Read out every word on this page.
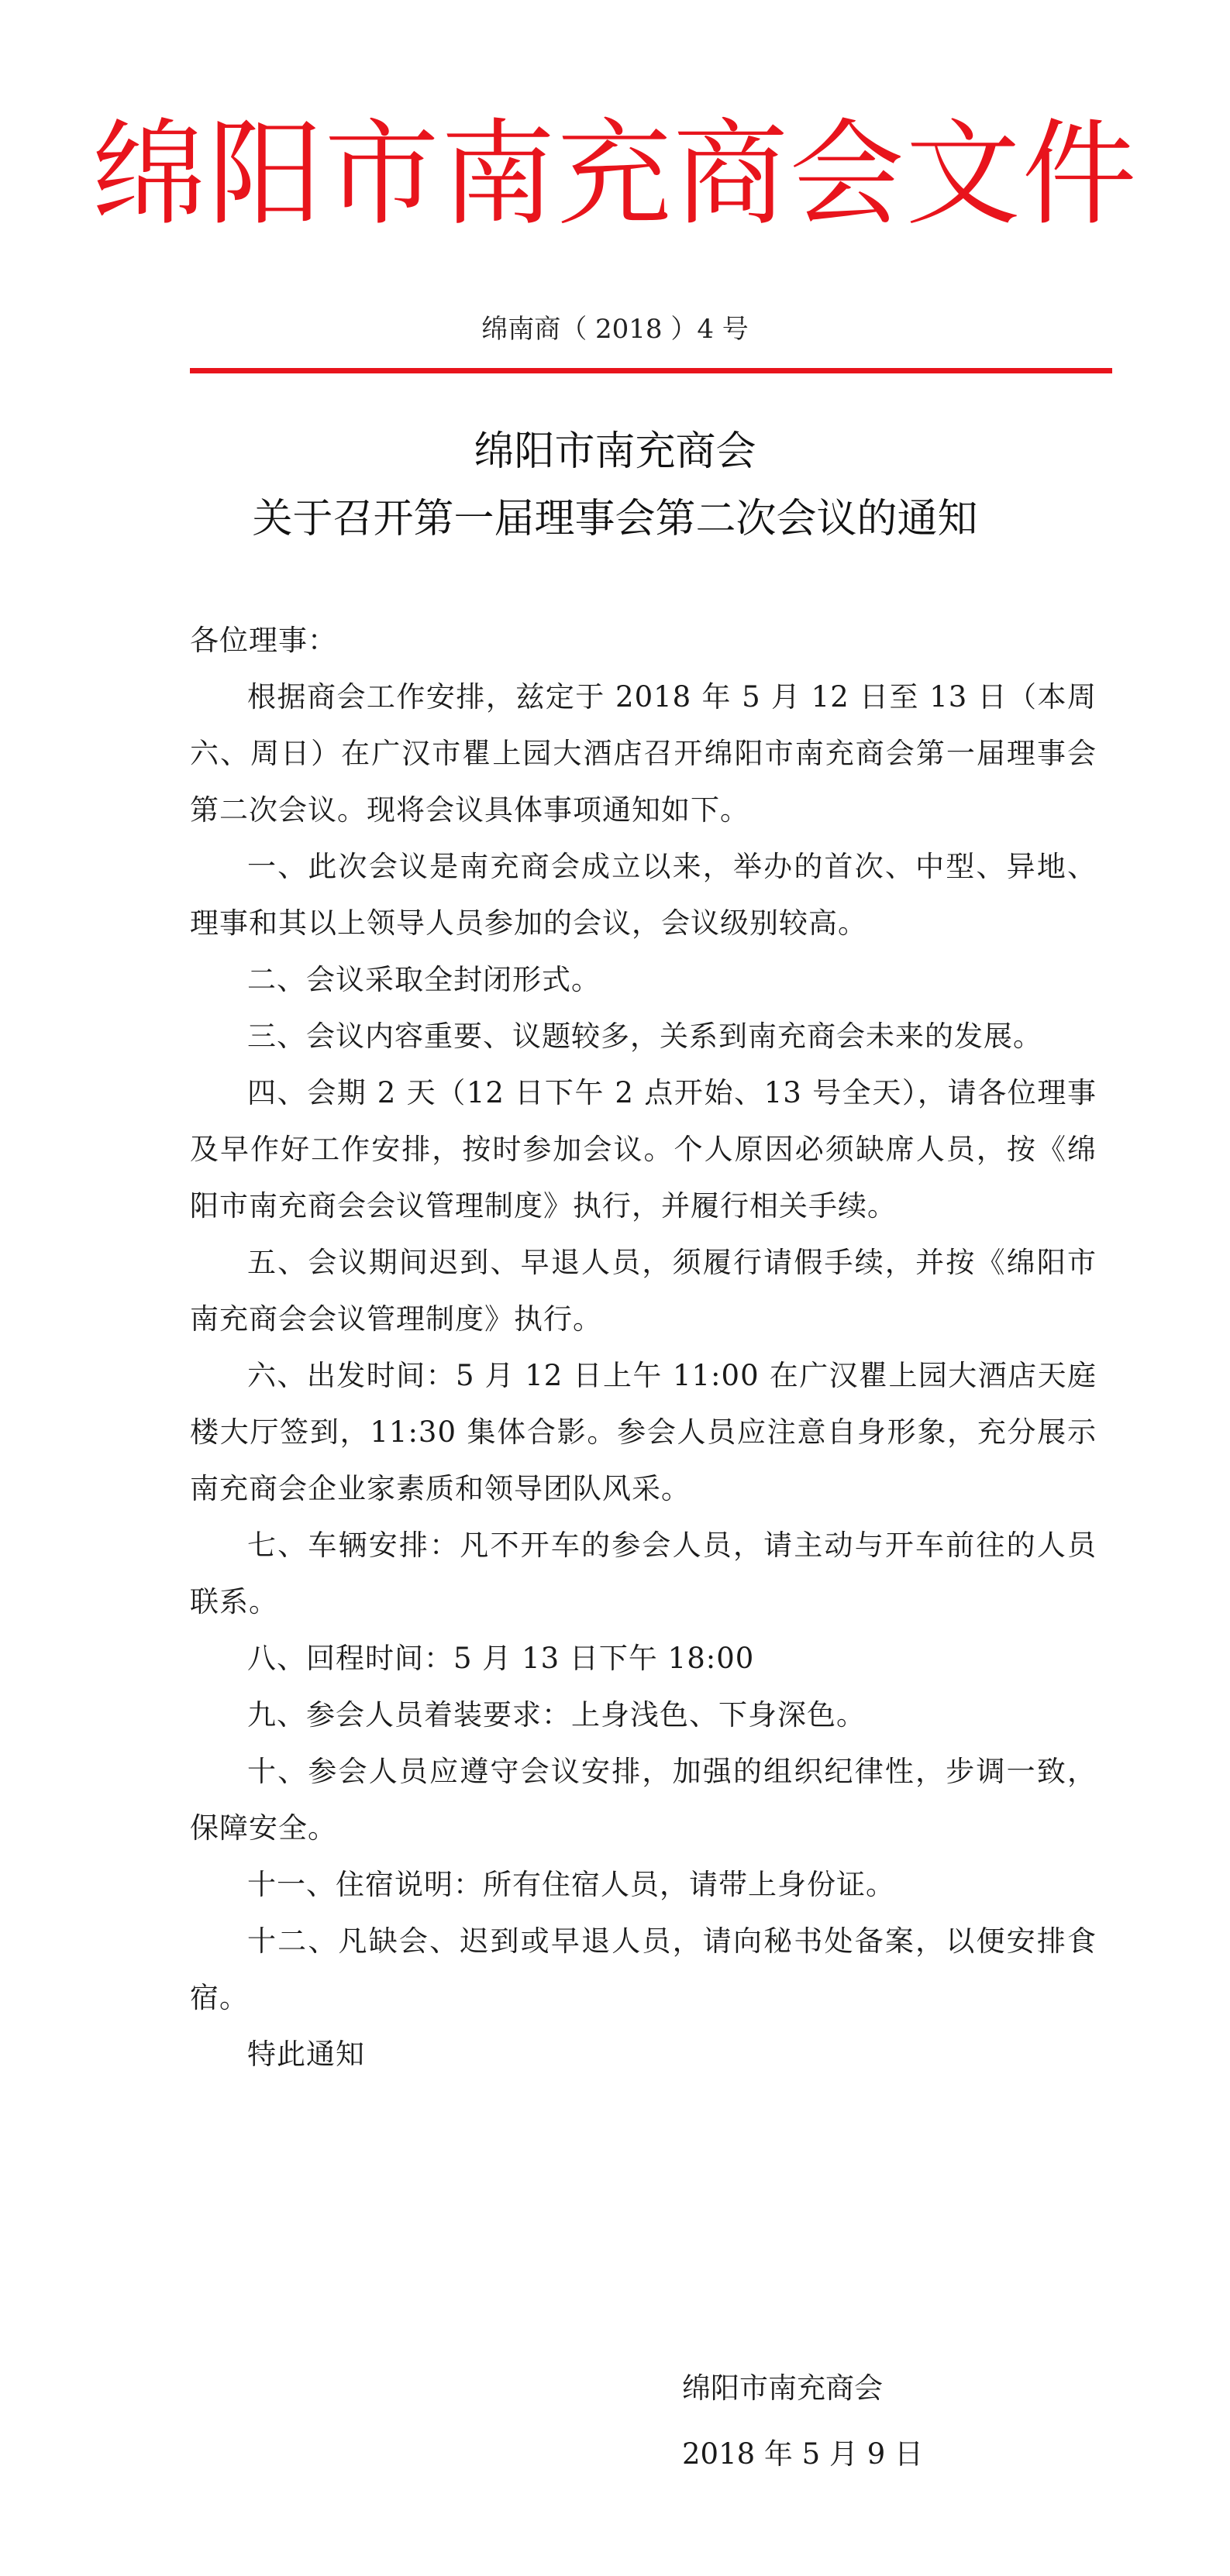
绵阳市南充商会文件
绵南商（ 2018 ）4 号
绵阳市南充商会
关于召开第一届理事会第二次会议的通知

各位理事：

根据商会工作安排，兹定于 2018 年 5 月 12 日至 13 日（本周六、周日）在广汉市瞿上园大酒店召开绵阳市南充商会第一届理事会第二次会议。现将会议具体事项通知如下。

一、此次会议是南充商会成立以来，举办的首次、中型、异地、理事和其以上领导人员参加的会议，会议级别较高。

二、会议采取全封闭形式。

三、会议内容重要、议题较多，关系到南充商会未来的发展。

四、会期 2 天（12 日下午 2 点开始、13 号全天），请各位理事及早作好工作安排，按时参加会议。个人原因必须缺席人员，按《绵阳市南充商会会议管理制度》执行，并履行相关手续。

五、会议期间迟到、早退人员，须履行请假手续，并按《绵阳市南充商会会议管理制度》执行。

六、出发时间：5 月 12 日上午 11:00 在广汉瞿上园大酒店天庭楼大厅签到，11:30 集体合影。参会人员应注意自身形象，充分展示南充商会企业家素质和领导团队风采。

七、车辆安排：凡不开车的参会人员，请主动与开车前往的人员联系。

八、回程时间：5 月 13 日下午 18:00

九、参会人员着装要求：上身浅色、下身深色。

十、参会人员应遵守会议安排，加强的组织纪律性，步调一致，保障安全。

十一、住宿说明：所有住宿人员，请带上身份证。

十二、凡缺会、迟到或早退人员，请向秘书处备案，以便安排食宿。

特此通知

绵阳市南充商会
2018 年 5 月 9 日
